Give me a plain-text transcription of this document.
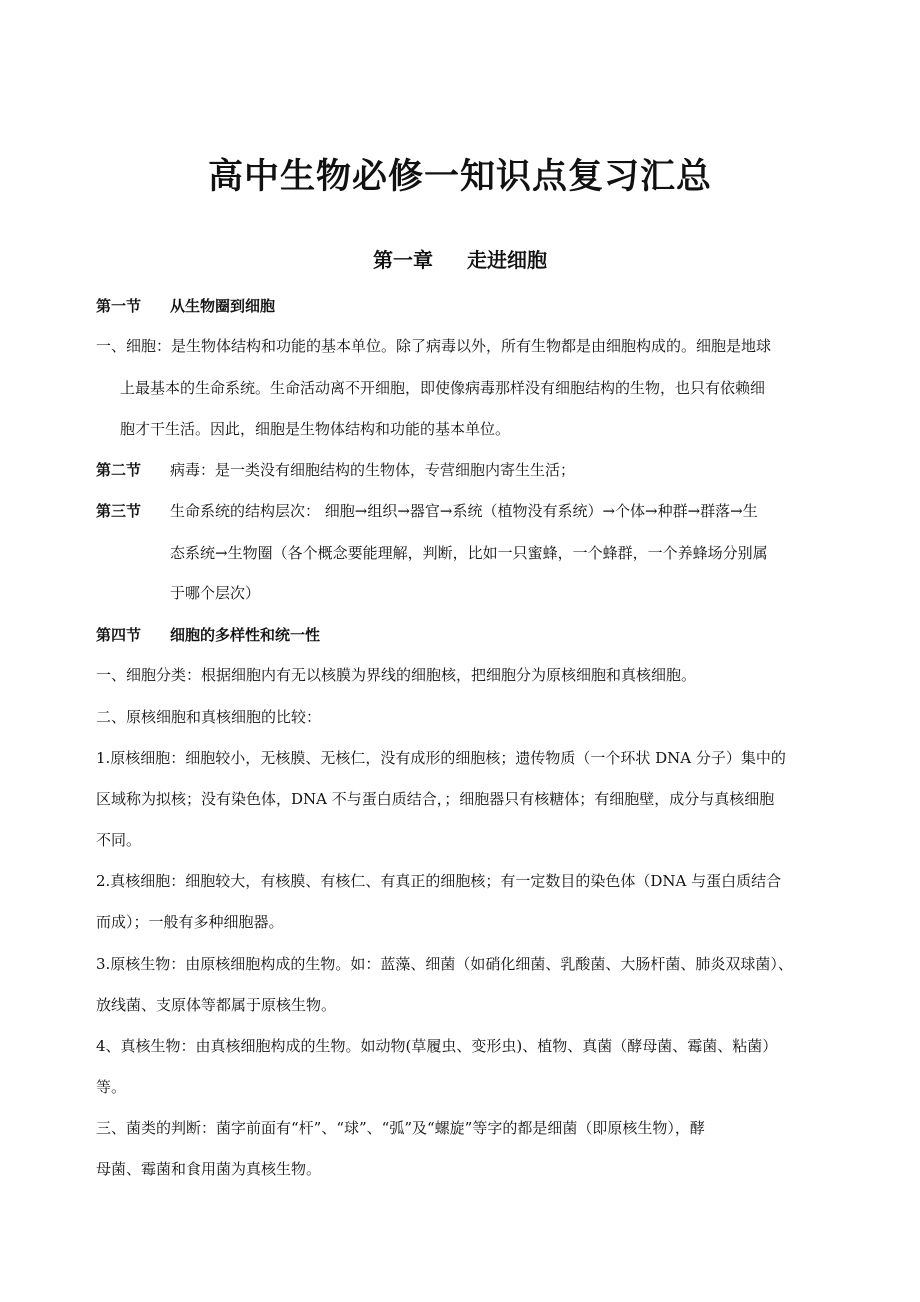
高中生物必修一知识点复习汇总
第一章 走进细胞
第一节 从生物圈到细胞
一、细胞：是生物体结构和功能的基本单位。除了病毒以外，所有生物都是由细胞构成的。细胞是地球
上最基本的生命系统。生命活动离不开细胞，即使像病毒那样没有细胞结构的生物，也只有依赖细
胞才干生活。因此，细胞是生物体结构和功能的基本单位。
第二节 病毒：是一类没有细胞结构的生物体，专营细胞内寄生生活；
第三节 生命系统的结构层次： 细胞→组织→器官→系统（植物没有系统）→个体→种群→群落→生
态系统→生物圈（各个概念要能理解，判断，比如一只蜜蜂，一个蜂群，一个养蜂场分别属
于哪个层次）
第四节 细胞的多样性和统一性
一、细胞分类：根据细胞内有无以核膜为界线的细胞核，把细胞分为原核细胞和真核细胞。
二、原核细胞和真核细胞的比较：
1.原核细胞：细胞较小，无核膜、无核仁，没有成形的细胞核；遗传物质（一个环状 DNA 分子）集中的
区域称为拟核；没有染色体，DNA 不与蛋白质结合，；细胞器只有核糖体；有细胞壁，成分与真核细胞
不同。
2.真核细胞：细胞较大，有核膜、有核仁、有真正的细胞核；有一定数目的染色体（DNA 与蛋白质结合
而成）；一般有多种细胞器。
3.原核生物：由原核细胞构成的生物。如：蓝藻、细菌（如硝化细菌、乳酸菌、大肠杆菌、肺炎双球菌）、
放线菌、支原体等都属于原核生物。
4、真核生物：由真核细胞构成的生物。如动物(草履虫、变形虫)、植物、真菌（酵母菌、霉菌、粘菌）
等。
三、菌类的判断：菌字前面有“杆”、“球”、“弧”及“螺旋”等字的都是细菌（即原核生物），酵
母菌、霉菌和食用菌为真核生物。
